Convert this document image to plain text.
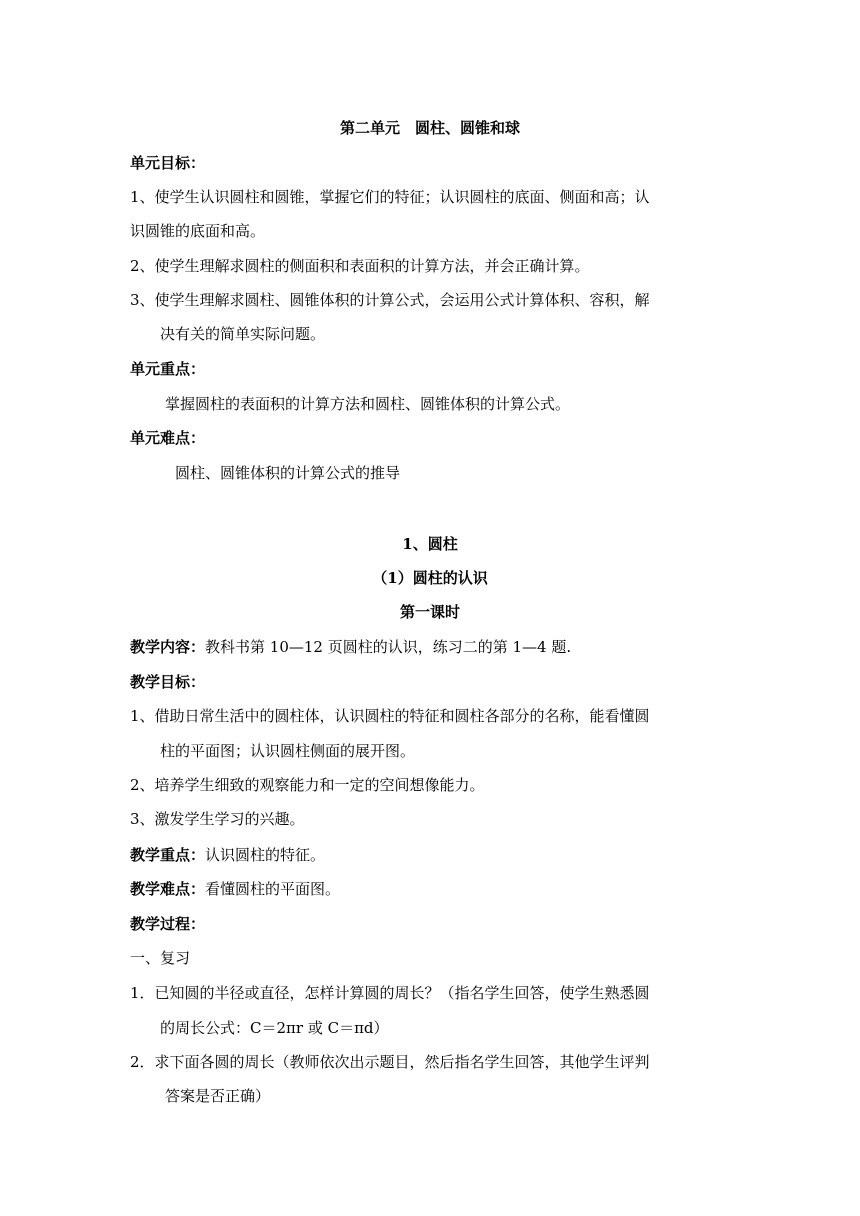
第二单元　圆柱、圆锥和球
单元目标：
1、使学生认识圆柱和圆锥，掌握它们的特征；认识圆柱的底面、侧面和高；认
识圆锥的底面和高。
2、使学生理解求圆柱的侧面积和表面积的计算方法，并会正确计算。
3、使学生理解求圆柱、圆锥体积的计算公式，会运用公式计算体积、容积，解
决有关的简单实际问题。
单元重点：
掌握圆柱的表面积的计算方法和圆柱、圆锥体积的计算公式。
单元难点：
圆柱、圆锥体积的计算公式的推导
1、圆柱
（1）圆柱的认识
第一课时
教学内容：教科书第 10—12 页圆柱的认识，练习二的第 1—4 题.
教学目标：
1、借助日常生活中的圆柱体，认识圆柱的特征和圆柱各部分的名称，能看懂圆
柱的平面图；认识圆柱侧面的展开图。
2、培养学生细致的观察能力和一定的空间想像能力。
3、激发学生学习的兴趣。
教学重点：认识圆柱的特征。
教学难点：看懂圆柱的平面图。
教学过程：
一、复习
1．已知圆的半径或直径，怎样计算圆的周长？（指名学生回答，使学生熟悉圆
的周长公式：C＝2πr 或 C＝πd）
2．求下面各圆的周长（教师依次出示题目，然后指名学生回答，其他学生评判
答案是否正确）
